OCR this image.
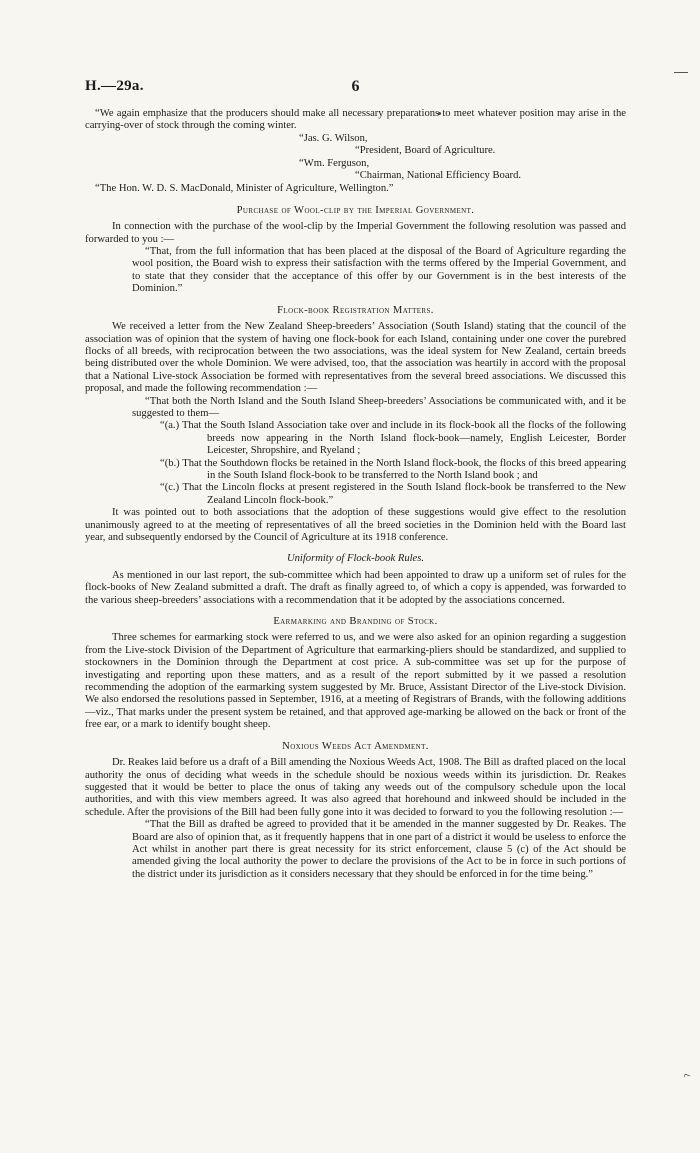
H.—29a.	6

“We again emphasize that the producers should make all necessary preparations to meet whatever position may arise in the carrying-over of stock through the coming winter.

“Jas. G. Wilson,

“President, Board of Agriculture.

“Wm. Ferguson,

“Chairman, National Efficiency Board.

“The Hon. W. D. S. MacDonald, Minister of Agriculture, Wellington.”

Purchase of Wool-clip by the Imperial Government.

In connection with the purchase of the wool-clip by the Imperial Government the following resolution was passed and forwarded to you :—

“That, from the full information that has been placed at the disposal of the Board of Agriculture regarding the wool position, the Board wish to express their satisfaction with the terms offered by the Imperial Government, and to state that they consider that the acceptance of this offer by our Government is in the best interests of the Dominion.”

Flock-book Registration Matters.

We received a letter from the New Zealand Sheep-breeders’ Association (South Island) stating that the council of the association was of opinion that the system of having one flock-book for each Island, containing under one cover the purebred flocks of all breeds, with reciprocation between the two associations, was the ideal system for New Zealand, certain breeds being distributed over the whole Dominion. We were advised, too, that the association was heartily in accord with the proposal that a National Live-stock Association be formed with representatives from the several breed associations. We discussed this proposal, and made the following recommendation :—

“That both the North Island and the South Island Sheep-breeders’ Associations be communicated with, and it be suggested to them—

“(a.) That the South Island Association take over and include in its flock-book all the flocks of the following breeds now appearing in the North Island flock-book—namely, English Leicester, Border Leicester, Shropshire, and Ryeland ;

“(b.) That the Southdown flocks be retained in the North Island flock-book, the flocks of this breed appearing in the South Island flock-book to be transferred to the North Island book ; and

“(c.) That the Lincoln flocks at present registered in the South Island flock-book be transferred to the New Zealand Lincoln flock-book.”

It was pointed out to both associations that the adoption of these suggestions would give effect to the resolution unanimously agreed to at the meeting of representatives of all the breed societies in the Dominion held with the Board last year, and subsequently endorsed by the Council of Agriculture at its 1918 conference.

Uniformity of Flock-book Rules.

As mentioned in our last report, the sub-committee which had been appointed to draw up a uniform set of rules for the flock-books of New Zealand submitted a draft. The draft as finally agreed to, of which a copy is appended, was forwarded to the various sheep-breeders’ associations with a recommendation that it be adopted by the associations concerned.

Earmarking and Branding of Stock.

Three schemes for earmarking stock were referred to us, and we were also asked for an opinion regarding a suggestion from the Live-stock Division of the Department of Agriculture that earmarking-pliers should be standardized, and supplied to stockowners in the Dominion through the Department at cost price. A sub-committee was set up for the purpose of investigating and reporting upon these matters, and as a result of the report submitted by it we passed a resolution recommending the adoption of the earmarking system suggested by Mr. Bruce, Assistant Director of the Live-stock Division. We also endorsed the resolutions passed in September, 1916, at a meeting of Registrars of Brands, with the following additions—viz., That marks under the present system be retained, and that approved age-marking be allowed on the back or front of the free ear, or a mark to identify bought sheep.

Noxious Weeds Act Amendment.

Dr. Reakes laid before us a draft of a Bill amending the Noxious Weeds Act, 1908. The Bill as drafted placed on the local authority the onus of deciding what weeds in the schedule should be noxious weeds within its jurisdiction. Dr. Reakes suggested that it would be better to place the onus of taking any weeds out of the compulsory schedule upon the local authorities, and with this view members agreed. It was also agreed that horehound and inkweed should be included in the schedule. After the provisions of the Bill had been fully gone into it was decided to forward to you the following resolution :—

“That the Bill as drafted be agreed to provided that it be amended in the manner suggested by Dr. Reakes. The Board are also of opinion that, as it frequently happens that in one part of a district it would be useless to enforce the Act whilst in another part there is great necessity for its strict enforcement, clause 5 (c) of the Act should be amended giving the local authority the power to declare the provisions of the Act to be in force in such portions of the district under its jurisdiction as it considers necessary that they should be enforced in for the time being.”

⌐
